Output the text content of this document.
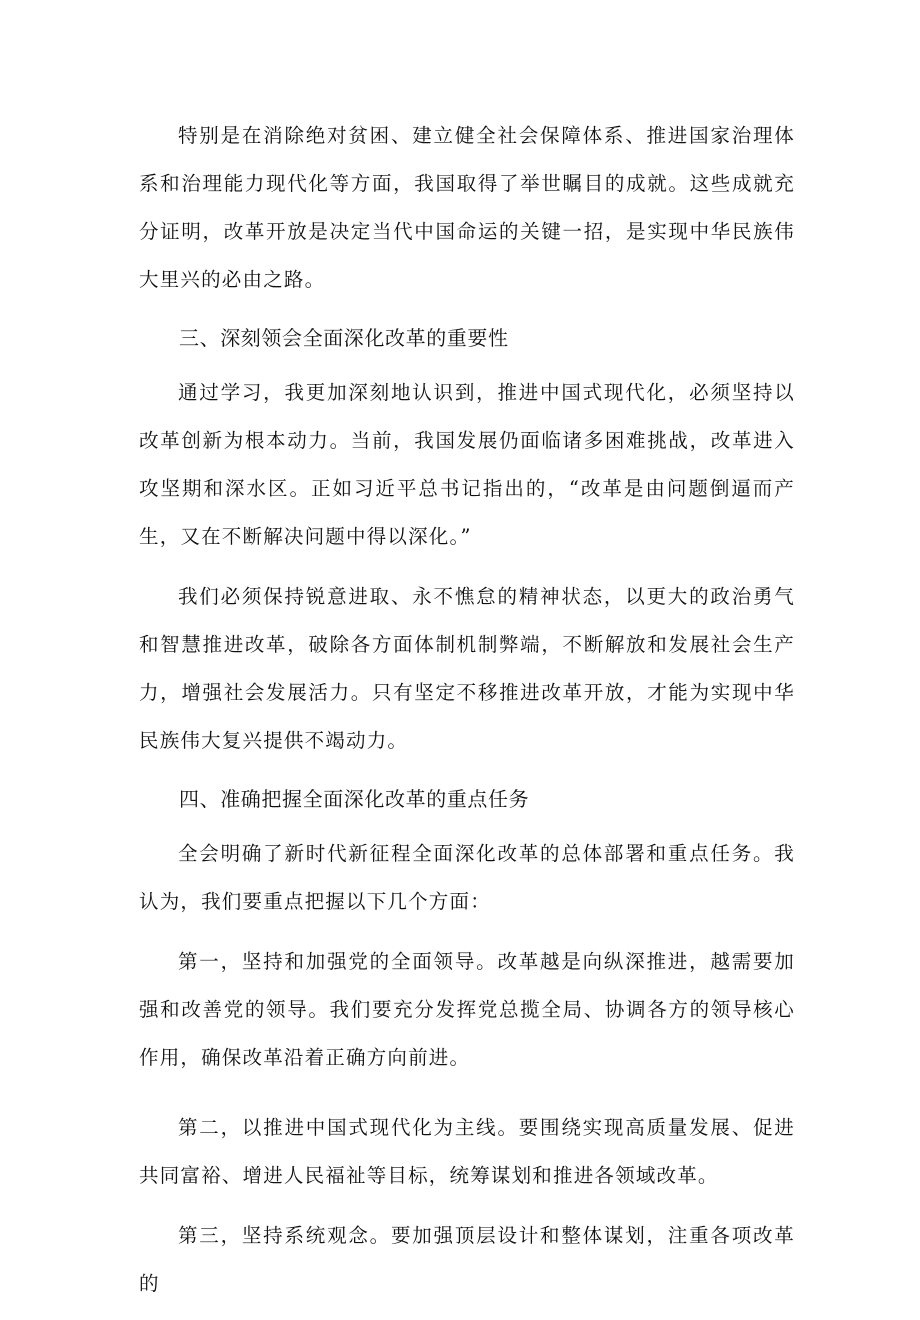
特别是在消除绝对贫困、建立健全社会保障体系、推进国家治理体系和治理能力现代化等方面，我国取得了举世瞩目的成就。这些成就充分证明，改革开放是决定当代中国命运的关键一招，是实现中华民族伟大里兴的必由之路。

三、深刻领会全面深化改革的重要性

通过学习，我更加深刻地认识到，推进中国式现代化，必须坚持以改革创新为根本动力。当前，我国发展仍面临诸多困难挑战，改革进入攻坚期和深水区。正如习近平总书记指出的，“改革是由问题倒逼而产生，又在不断解决问题中得以深化。”

我们必须保持锐意进取、永不憔怠的精神状态，以更大的政治勇气和智慧推进改革，破除各方面体制机制弊端，不断解放和发展社会生产力，增强社会发展活力。只有坚定不移推进改革开放，才能为实现中华民族伟大复兴提供不竭动力。

四、准确把握全面深化改革的重点任务

全会明确了新时代新征程全面深化改革的总体部署和重点任务。我认为，我们要重点把握以下几个方面：

第一，坚持和加强党的全面领导。改革越是向纵深推进，越需要加强和改善党的领导。我们要充分发挥党总揽全局、协调各方的领导核心作用，确保改革沿着正确方向前进。

第二，以推进中国式现代化为主线。要围绕实现高质量发展、促进共同富裕、增进人民福祉等目标，统筹谋划和推进各领域改革。

第三，坚持系统观念。要加强顶层设计和整体谋划，注重各项改革的
